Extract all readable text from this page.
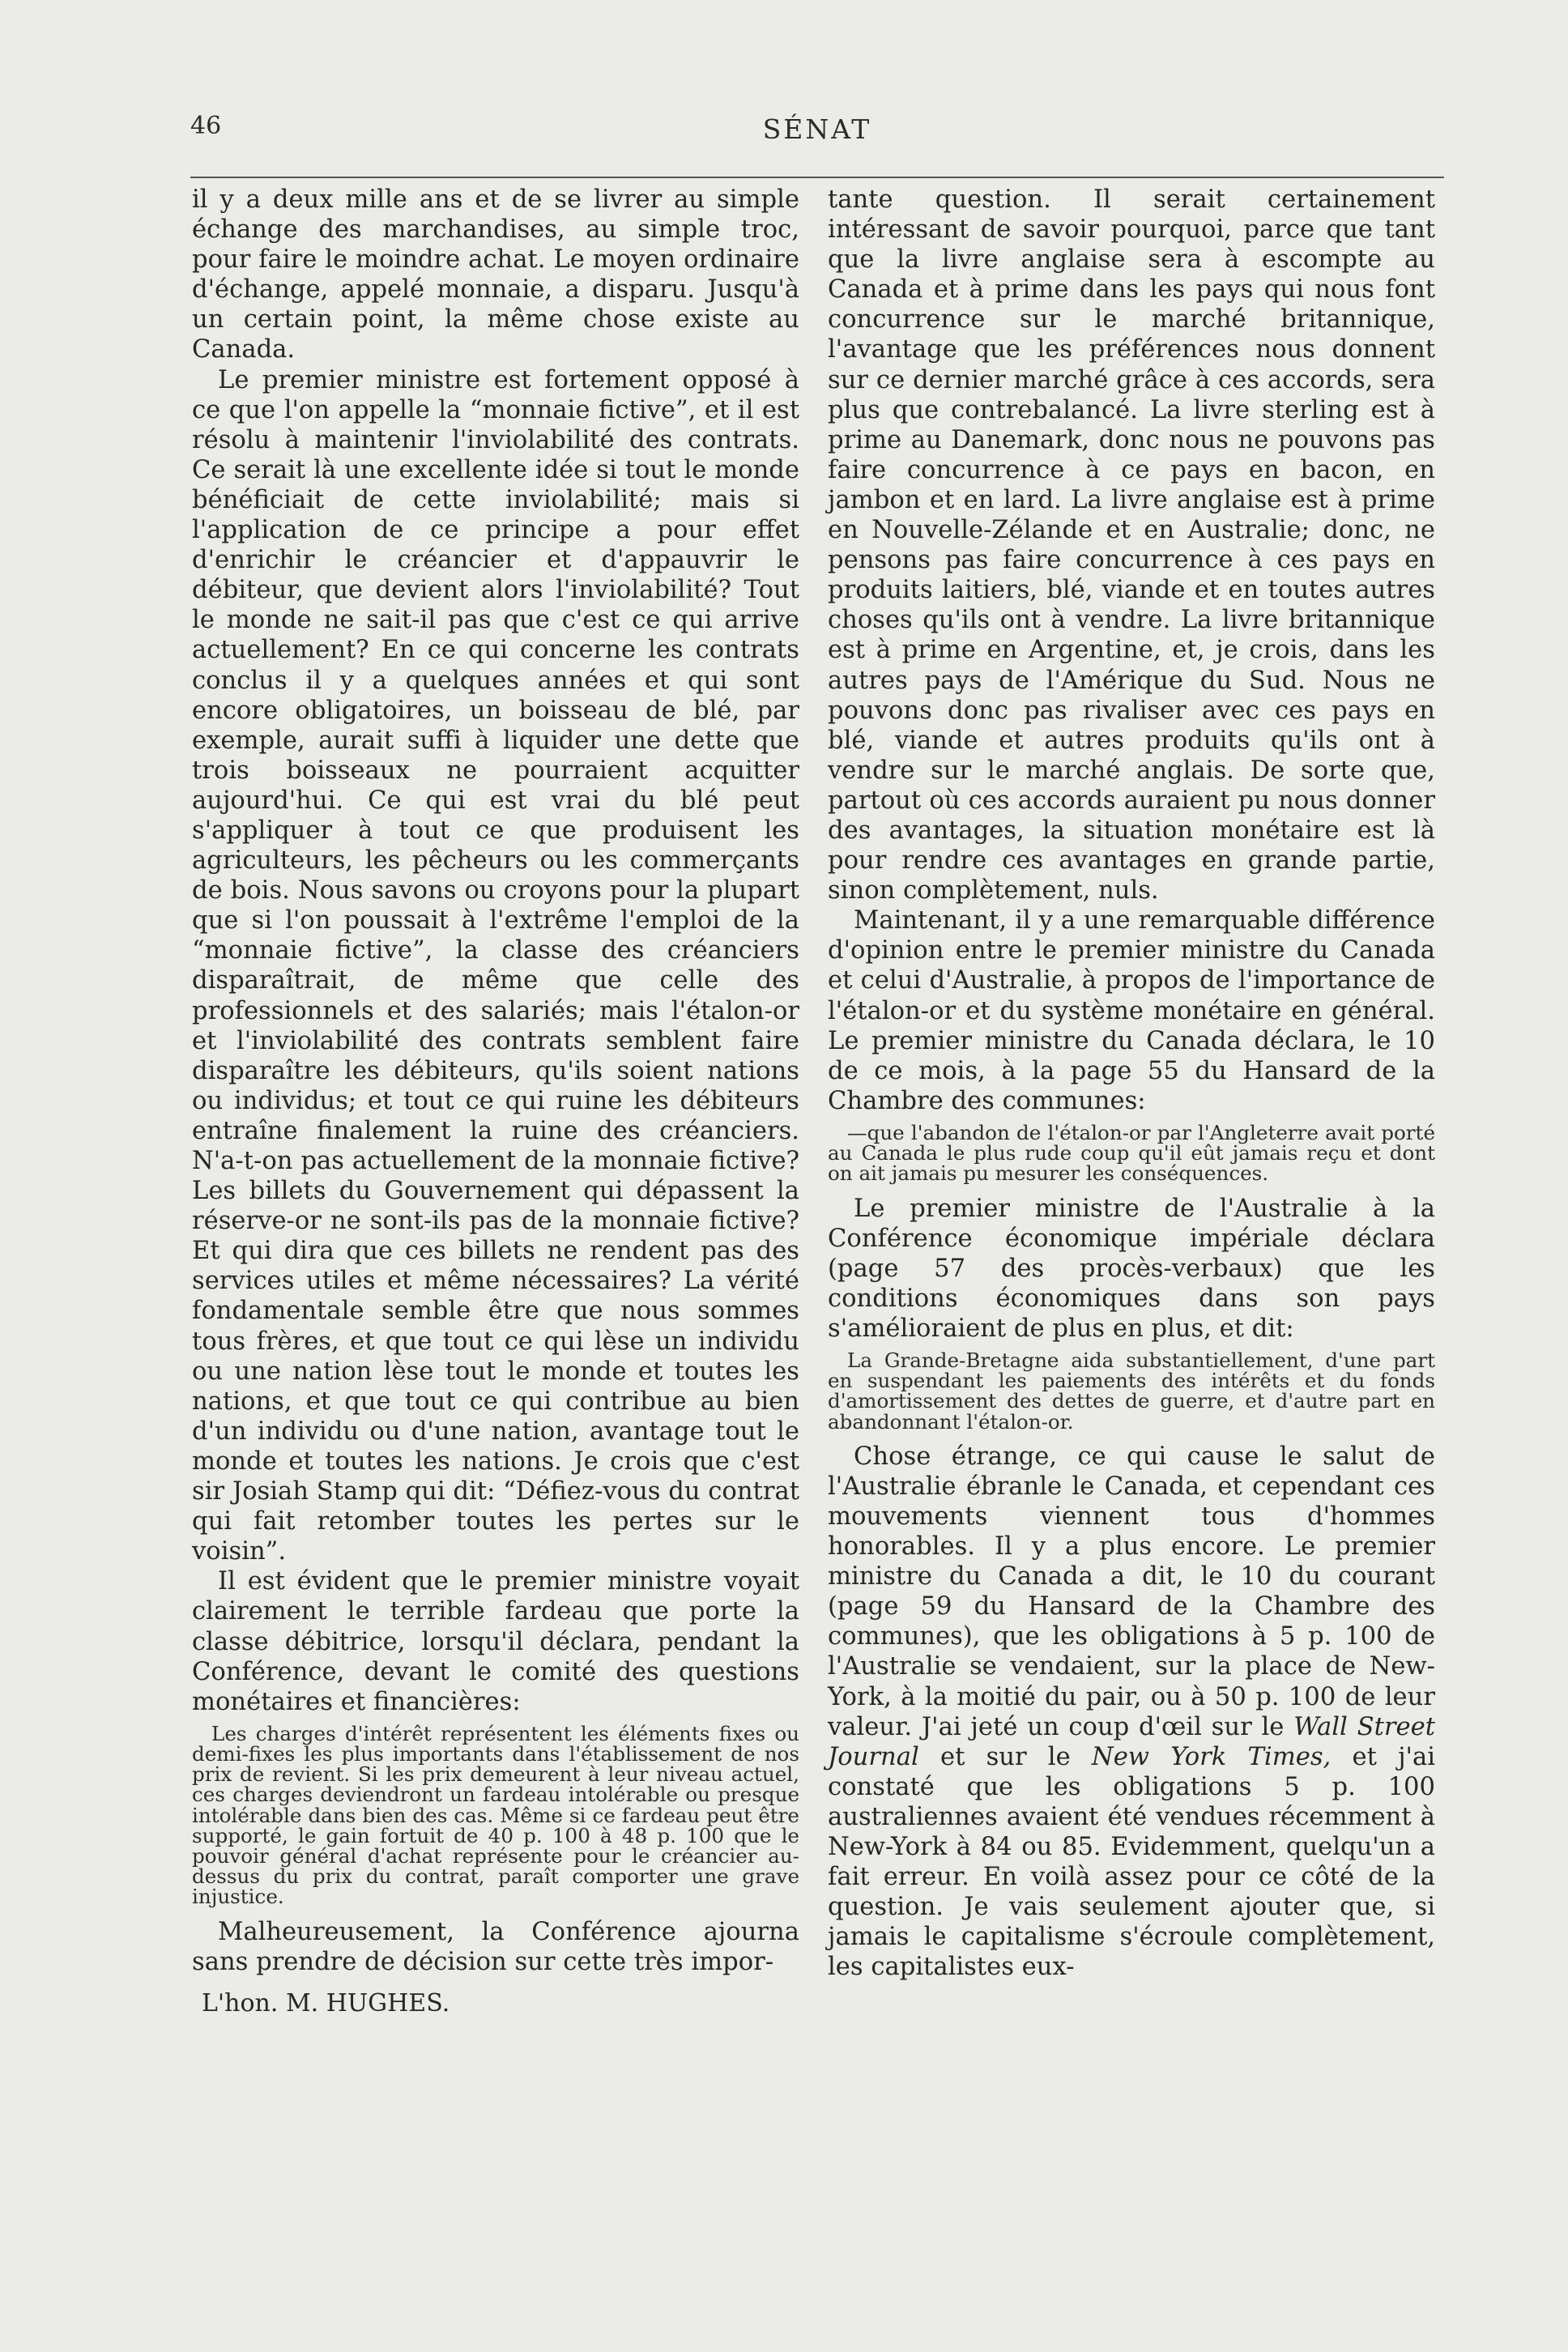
46	SÉNAT

il y a deux mille ans et de se livrer au simple échange des marchandises, au simple troc, pour faire le moindre achat. Le moyen ordinaire d'échange, appelé monnaie, a disparu. Jusqu'à un certain point, la même chose existe au Canada.

Le premier ministre est fortement opposé à ce que l'on appelle la “monnaie fictive”, et il est résolu à maintenir l'inviolabilité des contrats. Ce serait là une excellente idée si tout le monde bénéficiait de cette inviolabilité; mais si l'application de ce principe a pour effet d'enrichir le créancier et d'appauvrir le débiteur, que devient alors l'inviolabilité? Tout le monde ne sait-il pas que c'est ce qui arrive actuellement? En ce qui concerne les contrats conclus il y a quelques années et qui sont encore obligatoires, un boisseau de blé, par exemple, aurait suffi à liquider une dette que trois boisseaux ne pourraient acquitter aujourd'hui. Ce qui est vrai du blé peut s'appliquer à tout ce que produisent les agriculteurs, les pêcheurs ou les commerçants de bois. Nous savons ou croyons pour la plupart que si l'on poussait à l'extrême l'emploi de la “monnaie fictive”, la classe des créanciers disparaîtrait, de même que celle des professionnels et des salariés; mais l'étalon-or et l'inviolabilité des contrats semblent faire disparaître les débiteurs, qu'ils soient nations ou individus; et tout ce qui ruine les débiteurs entraîne finalement la ruine des créanciers. N'a-t-on pas actuellement de la monnaie fictive? Les billets du Gouvernement qui dépassent la réserve-or ne sont-ils pas de la monnaie fictive? Et qui dira que ces billets ne rendent pas des services utiles et même nécessaires? La vérité fondamentale semble être que nous sommes tous frères, et que tout ce qui lèse un individu ou une nation lèse tout le monde et toutes les nations, et que tout ce qui contribue au bien d'un individu ou d'une nation, avantage tout le monde et toutes les nations. Je crois que c'est sir Josiah Stamp qui dit: “Défiez-vous du contrat qui fait retomber toutes les pertes sur le voisin”.

Il est évident que le premier ministre voyait clairement le terrible fardeau que porte la classe débitrice, lorsqu'il déclara, pendant la Conférence, devant le comité des questions monétaires et financières:

Les charges d'intérêt représentent les éléments fixes ou demi-fixes les plus importants dans l'établissement de nos prix de revient. Si les prix demeurent à leur niveau actuel, ces charges deviendront un fardeau intolérable ou presque intolérable dans bien des cas. Même si ce fardeau peut être supporté, le gain fortuit de 40 p. 100 à 48 p. 100 que le pouvoir général d'achat représente pour le créancier au-dessus du prix du contrat, paraît comporter une grave injustice.

Malheureusement, la Conférence ajourna sans prendre de décision sur cette très impor-

L'hon. M. HUGHES.

tante question. Il serait certainement intéressant de savoir pourquoi, parce que tant que la livre anglaise sera à escompte au Canada et à prime dans les pays qui nous font concurrence sur le marché britannique, l'avantage que les préférences nous donnent sur ce dernier marché grâce à ces accords, sera plus que contrebalancé. La livre sterling est à prime au Danemark, donc nous ne pouvons pas faire concurrence à ce pays en bacon, en jambon et en lard. La livre anglaise est à prime en Nouvelle-Zélande et en Australie; donc, ne pensons pas faire concurrence à ces pays en produits laitiers, blé, viande et en toutes autres choses qu'ils ont à vendre. La livre britannique est à prime en Argentine, et, je crois, dans les autres pays de l'Amérique du Sud. Nous ne pouvons donc pas rivaliser avec ces pays en blé, viande et autres produits qu'ils ont à vendre sur le marché anglais. De sorte que, partout où ces accords auraient pu nous donner des avantages, la situation monétaire est là pour rendre ces avantages en grande partie, sinon complètement, nuls.

Maintenant, il y a une remarquable différence d'opinion entre le premier ministre du Canada et celui d'Australie, à propos de l'importance de l'étalon-or et du système monétaire en général. Le premier ministre du Canada déclara, le 10 de ce mois, à la page 55 du Hansard de la Chambre des communes:

—que l'abandon de l'étalon-or par l'Angleterre avait porté au Canada le plus rude coup qu'il eût jamais reçu et dont on ait jamais pu mesurer les conséquences.

Le premier ministre de l'Australie à la Conférence économique impériale déclara (page 57 des procès-verbaux) que les conditions économiques dans son pays s'amélioraient de plus en plus, et dit:

La Grande-Bretagne aida substantiellement, d'une part en suspendant les paiements des intérêts et du fonds d'amortissement des dettes de guerre, et d'autre part en abandonnant l'étalon-or.

Chose étrange, ce qui cause le salut de l'Australie ébranle le Canada, et cependant ces mouvements viennent tous d'hommes honorables. Il y a plus encore. Le premier ministre du Canada a dit, le 10 du courant (page 59 du Hansard de la Chambre des communes), que les obligations à 5 p. 100 de l'Australie se vendaient, sur la place de New-York, à la moitié du pair, ou à 50 p. 100 de leur valeur. J'ai jeté un coup d'œil sur le Wall Street Journal et sur le New York Times, et j'ai constaté que les obligations 5 p. 100 australiennes avaient été vendues récemment à New-York à 84 ou 85. Evidemment, quelqu'un a fait erreur. En voilà assez pour ce côté de la question. Je vais seulement ajouter que, si jamais le capitalisme s'écroule complètement, les capitalistes eux-
